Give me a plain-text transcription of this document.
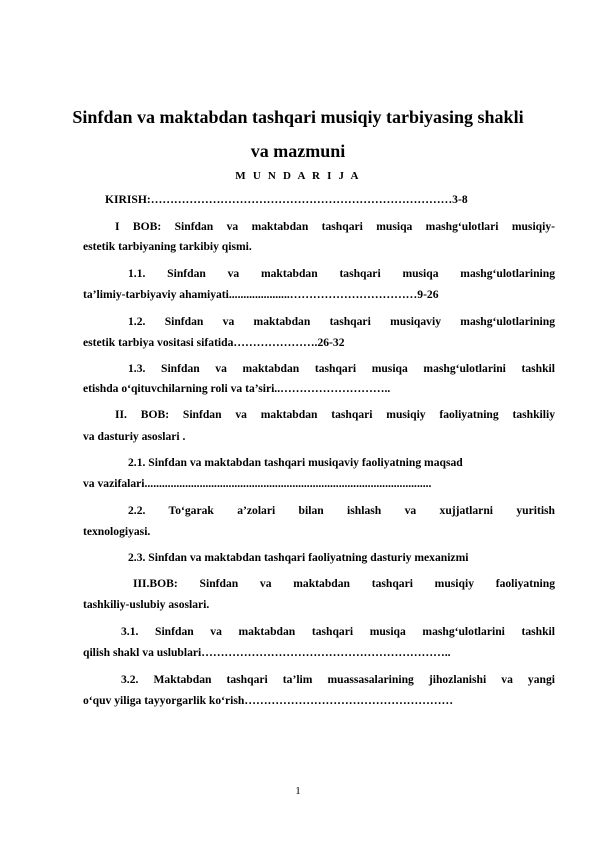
Sinfdan va maktabdan tashqari musiqiy tarbiyasing shakli
va mazmuni
M U N D A R I J A
KIRISH:……………………………………………………………………3-8
I BOB: Sinfdan va maktabdan tashqari musiqa mashg‘ulotlari musiqiy-
estetik tarbiyaning tarkibiy qismi.
1.1. Sinfdan va maktabdan tashqari musiqa mashg‘ulotlarining
ta’limiy-tarbiyaviy ahamiyati.....................……………………………9-26
1.2. Sinfdan va maktabdan tashqari musiqaviy mashg‘ulotlarining
estetik tarbiya vositasi sifatida………………….26-32
1.3. Sinfdan va maktabdan tashqari musiqa mashg‘ulotlarini tashkil
etishda o‘qituvchilarning roli va ta’siri..………………………..
II. BOB: Sinfdan va maktabdan tashqari musiqiy faoliyatning tashkiliy
va dasturiy asoslari .
2.1. Sinfdan va maktabdan tashqari musiqaviy faoliyatning maqsad
va vazifalari...................................................................................................
2.2. To‘garak a’zolari bilan ishlash va xujjatlarni yuritish
texnologiyasi.
2.3. Sinfdan va maktabdan tashqari faoliyatning dasturiy mexanizmi
III.BOB: Sinfdan va maktabdan tashqari musiqiy faoliyatning
tashkiliy-uslubiy asoslari.
3.1. Sinfdan va maktabdan tashqari musiqa mashg‘ulotlarini tashkil
qilish shakl va uslublari………………………………………………………..
3.2. Maktabdan tashqari ta’lim muassasalarining jihozlanishi va yangi
o‘quv yiliga tayyorgarlik ko‘rish………………………………………………
1
